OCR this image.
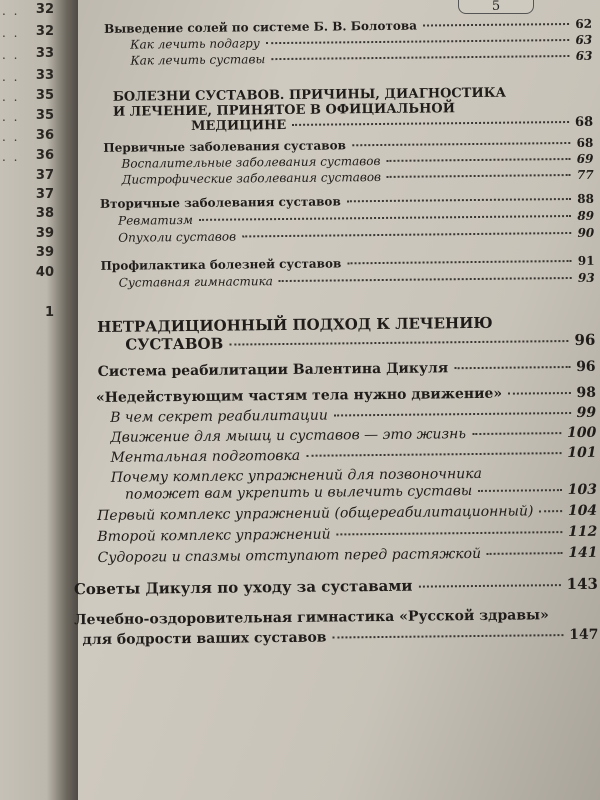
. . 32
. . 32
. . 33
. . 33
. . 35
. . 35
. . 36
. . 36
37
37
38
39
39
40
1
5
Выведение солей по системе Б. В. Болотова	62
Как лечить подагру	63
Как лечить суставы	63
БОЛЕЗНИ СУСТАВОВ. ПРИЧИНЫ, ДИАГНОСТИКА
И ЛЕЧЕНИЕ, ПРИНЯТОЕ В ОФИЦИАЛЬНОЙ
МЕДИЦИНЕ	68
Первичные заболевания суставов	68
Воспалительные заболевания суставов	69
Дистрофические заболевания суставов	77
Вторичные заболевания суставов	88
Ревматизм	89
Опухоли суставов	90
Профилактика болезней суставов	91
Суставная гимнастика	93
НЕТРАДИЦИОННЫЙ ПОДХОД К ЛЕЧЕНИЮ
СУСТАВОВ	96
Система реабилитации Валентина Дикуля	96
«Недействующим частям тела нужно движение»	98
В чем секрет реабилитации	99
Движение для мышц и суставов — это жизнь	100
Ментальная подготовка	101
Почему комплекс упражнений для позвоночника
поможет вам укрепить и вылечить суставы	103
Первый комплекс упражнений (общереабилитационный) 104
Второй комплекс упражнений	112
Судороги и спазмы отступают перед растяжкой	141
Советы Дикуля по уходу за суставами	143
Лечебно-оздоровительная гимнастика «Русской здравы»
для бодрости ваших суставов	147
